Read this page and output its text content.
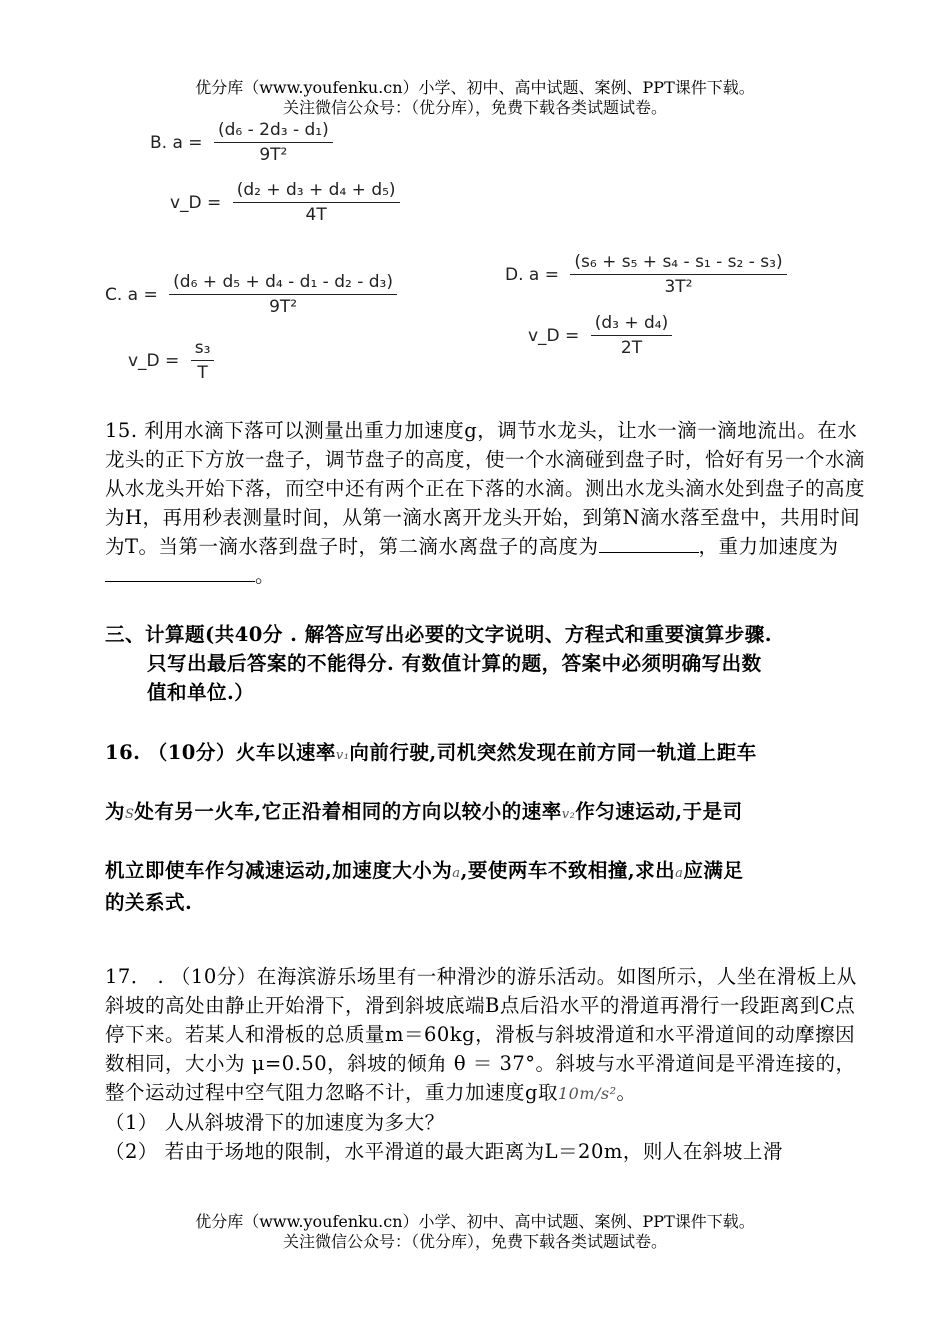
优分库（www.youfenku.cn）小学、初中、高中试题、案例、PPT课件下载。
关注微信公众号：（优分库），免费下载各类试题试卷。
B. $a = \frac{\text{(d₆ - 2d₃ - d₁)}}{\text{9T²}}$
v_D = $\frac{\text{(d₂ + d₃ + d₄ + d₅)}}{4T}$
C. $a = \frac{\text{(d₆ + d₅ + d₄ - d₁ - d₂ - d₃)}}{\text{9T²}}$
v_D = $\frac{\text{s₃}}{T}$
D. $a = \frac{\text{(s₆ + s₅ + s₄ - s₁ - s₂ - s₃)}}{\text{3T²}}$
v_D = $\frac{\text{(d₃ + d₄)}}{2T}$
15. 利用水滴下落可以测量出重力加速度g，调节水龙头，让水一滴一滴地流出。在水龙头的正下方放一盘子，调节盘子的高度，使一个水滴碰到盘子时，恰好有另一个水滴从水龙头开始下落，而空中还有两个正在下落的水滴。测出水龙头滴水处到盘子的高度为H，再用秒表测量时间，从第一滴水离开龙头开始，到第N滴水落至盘中，共用时间为T。当第一滴水落到盘子时，第二滴水离盘子的高度为	，重力加速度为。
三、计算题(共40分 . 解答应写出必要的文字说明、方程式和重要演算步骤.
只写出最后答案的不能得分. 有数值计算的题，答案中必须明确写出数
值和单位.）
16. （10分）火车以速率v₁向前行驶,司机突然发现在前方同一轨道上距车
为S处有另一火车,它正沿着相同的方向以较小的速率v₂作匀速运动,于是司
机立即使车作匀减速运动,加速度大小为a,要使两车不致相撞,求出a应满足
的关系式.
17． . （10分）在海滨游乐场里有一种滑沙的游乐活动。如图所示，人坐在滑板上从斜坡的高处由静止开始滑下，滑到斜坡底端B点后沿水平的滑道再滑行一段距离到C点停下来。若某人和滑板的总质量m＝60kg，滑板与斜坡滑道和水平滑道间的动摩擦因数相同，大小为 μ=0.50，斜坡的倾角 θ ＝ 37°。斜坡与水平滑道间是平滑连接的，整个运动过程中空气阻力忽略不计，重力加速度g取10m/s²。
（1） 人从斜坡滑下的加速度为多大？
（2） 若由于场地的限制，水平滑道的最大距离为L＝20m，则人在斜坡上滑
优分库（www.youfenku.cn）小学、初中、高中试题、案例、PPT课件下载。
关注微信公众号：（优分库），免费下载各类试题试卷。
